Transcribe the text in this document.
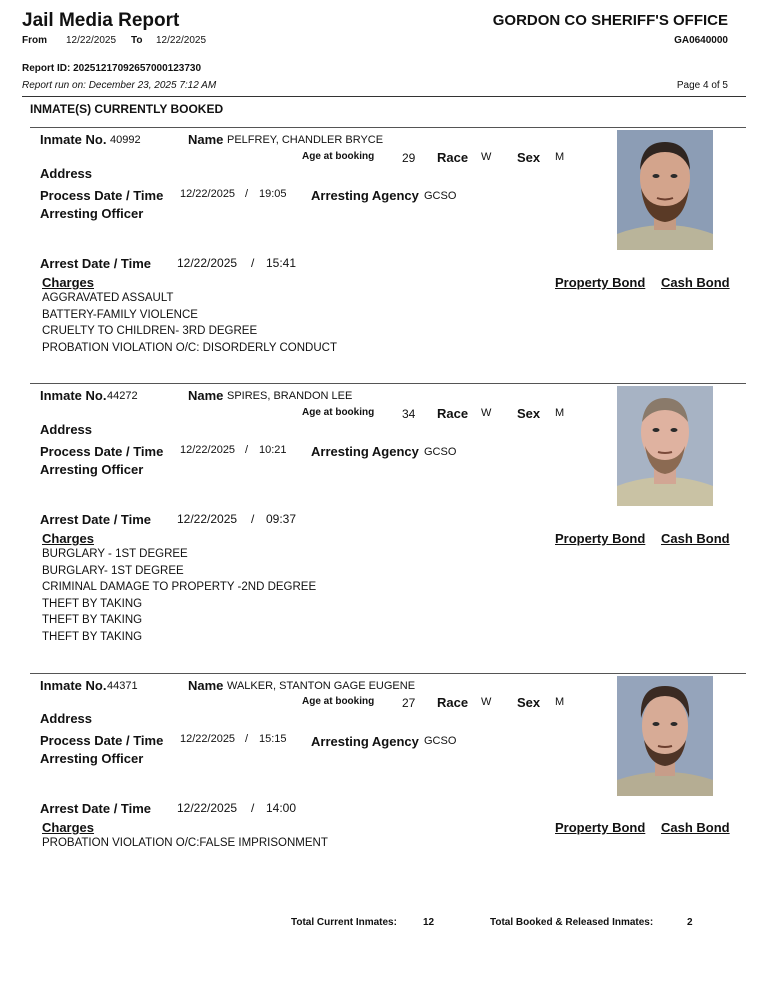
Jail Media Report
From 12/22/2025 To 12/22/2025
GORDON CO SHERIFF'S OFFICE
GA0640000
Report ID: 20251217092657000123730
Report run on: December 23, 2025 7:12 AM	Page 4 of 5
INMATE(S) CURRENTLY BOOKED
Inmate No. 40992	Name PELFREY, CHANDLER BRYCE
Age at booking 29 Race W Sex M
Address
Process Date / Time 12/22/2025 / 19:05 Arresting Agency GCSO
Arresting Officer
Arrest Date / Time 12/22/2025 / 15:41
Charges	Property Bond Cash Bond
AGGRAVATED ASSAULT
BATTERY-FAMILY VIOLENCE
CRUELTY TO CHILDREN- 3RD DEGREE
PROBATION VIOLATION O/C: DISORDERLY CONDUCT
Inmate No. 44272	Name SPIRES, BRANDON LEE
Age at booking 34 Race W Sex M
Address
Process Date / Time 12/22/2025 / 10:21 Arresting Agency GCSO
Arresting Officer
Arrest Date / Time 12/22/2025 / 09:37
Charges	Property Bond Cash Bond
BURGLARY - 1ST DEGREE
BURGLARY- 1ST DEGREE
CRIMINAL DAMAGE TO PROPERTY -2ND DEGREE
THEFT BY TAKING
THEFT BY TAKING
THEFT BY TAKING
Inmate No. 44371	Name WALKER, STANTON GAGE EUGENE
Age at booking 27 Race W Sex M
Address
Process Date / Time 12/22/2025 / 15:15 Arresting Agency GCSO
Arresting Officer
Arrest Date / Time 12/22/2025 / 14:00
Charges	Property Bond Cash Bond
PROBATION VIOLATION O/C:FALSE IMPRISONMENT
Total Current Inmates:	12	Total Booked & Released Inmates:	2
